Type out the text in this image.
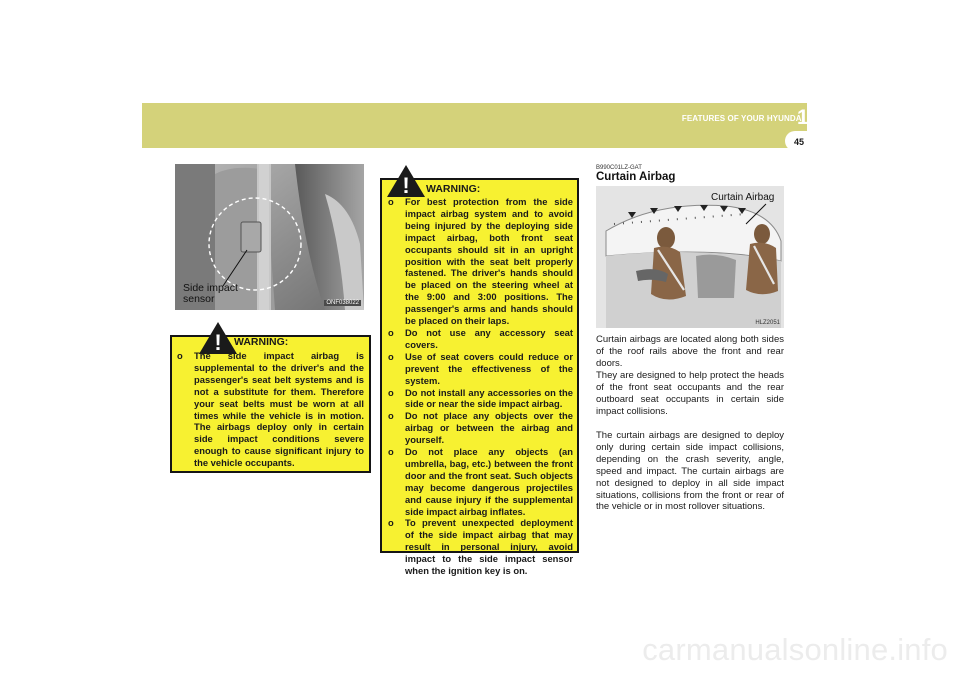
FEATURES OF YOUR HYUNDAI
1
45
Side impact
sensor	ONF038022
! WARNING:
o The side impact airbag is supplemental to the driver's and the passenger's seat belt systems and is not a substitute for them. Therefore your seat belts must be worn at all times while the vehicle is in motion. The airbags deploy only in certain side impact conditions severe enough to cause significant injury to the vehicle occupants.
! WARNING:
o For best protection from the side impact airbag system and to avoid being injured by the deploying side impact airbag, both front seat occupants should sit in an upright position with the seat belt properly fastened. The driver's hands should be placed on the steering wheel at the 9:00 and 3:00 positions. The passenger's arms and hands should be placed on their laps.
o Do not use any accessory seat covers.
o Use of seat covers could reduce or prevent the effectiveness of the system.
o Do not install any accessories on the side or near the side impact airbag.
o Do not place any objects over the airbag or between the airbag and yourself.
o Do not place any objects (an umbrella, bag, etc.) between the front door and the front seat. Such objects may become dangerous projectiles and cause injury if the supplemental side impact airbag inflates.
o To prevent unexpected deployment of the side impact airbag that may result in personal injury, avoid impact to the side impact sensor when the ignition key is on.
B990C01LZ-GAT
Curtain Airbag
Curtain Airbag
HLZ2051

Curtain airbags are located along both sides of the roof rails above the front and rear doors.

They are designed to help protect the heads of the front seat occupants and the rear outboard seat occupants in certain side impact collisions.

The curtain airbags are designed to deploy only during certain side impact collisions, depending on the crash severity, angle, speed and impact. The curtain airbags are not designed to deploy in all side impact situations, collisions from the front or rear of the vehicle or in most rollover situations.

carmanualsonline.info
